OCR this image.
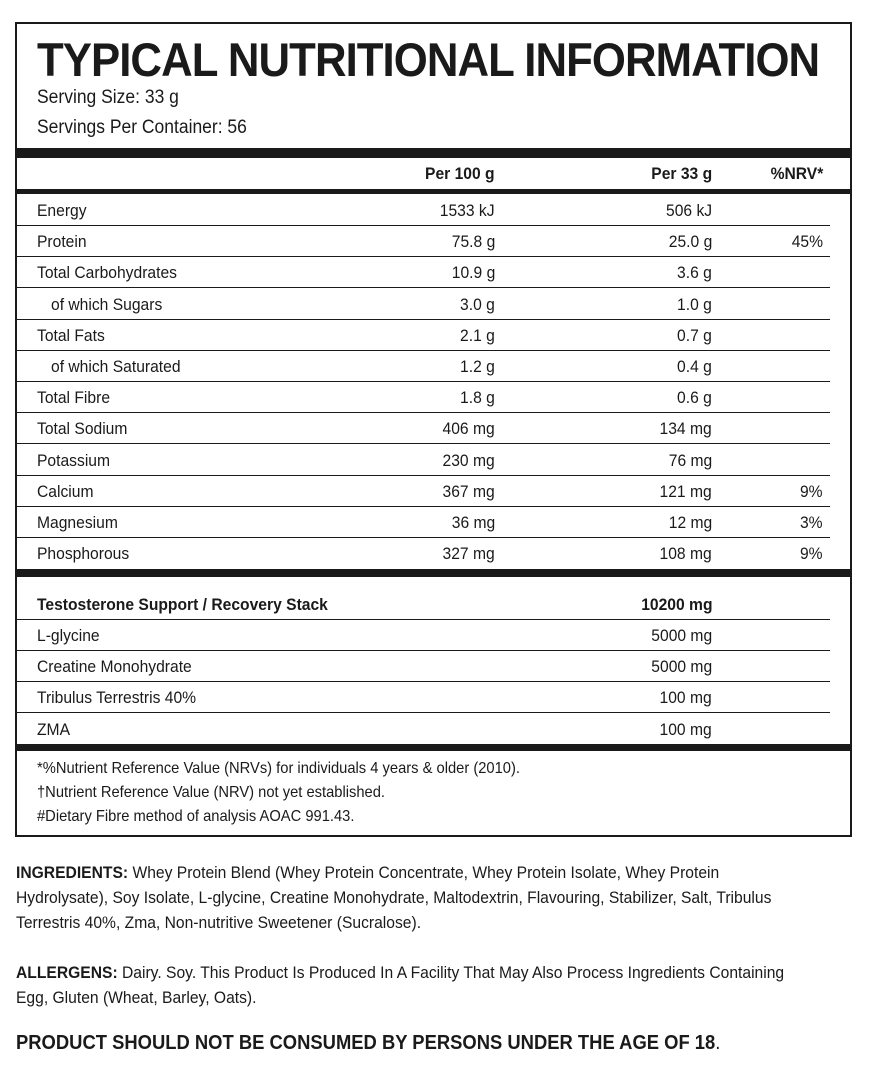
TYPICAL NUTRITIONAL INFORMATION
Serving Size: 33 g
Servings Per Container: 56
Per 100 g	Per 33 g	%NRV*
Energy	1533 kJ	506 kJ
Protein	75.8 g	25.0 g	45%
Total Carbohydrates	10.9 g	3.6 g
of which Sugars	3.0 g	1.0 g
Total Fats	2.1 g	0.7 g
of which Saturated	1.2 g	0.4 g
Total Fibre	1.8 g	0.6 g
Total Sodium	406 mg	134 mg
Potassium	230 mg	76 mg
Calcium	367 mg	121 mg	9%
Magnesium	36 mg	12 mg	3%
Phosphorous	327 mg	108 mg	9%
Testosterone Support / Recovery Stack	10200 mg
L-glycine	5000 mg
Creatine Monohydrate	5000 mg
Tribulus Terrestris 40%	100 mg
ZMA	100 mg
*%Nutrient Reference Value (NRVs) for individuals 4 years & older (2010).
†Nutrient Reference Value (NRV) not yet established.
#Dietary Fibre method of analysis AOAC 991.43.
INGREDIENTS: Whey Protein Blend (Whey Protein Concentrate, Whey Protein Isolate, Whey Protein Hydrolysate), Soy Isolate, L-glycine, Creatine Monohydrate, Maltodextrin, Flavouring, Stabilizer, Salt, Tribulus Terrestris 40%, Zma, Non-nutritive Sweetener (Sucralose).
ALLERGENS: Dairy. Soy. This Product Is Produced In A Facility That May Also Process Ingredients Containing Egg, Gluten (Wheat, Barley, Oats).
PRODUCT SHOULD NOT BE CONSUMED BY PERSONS UNDER THE AGE OF 18.
